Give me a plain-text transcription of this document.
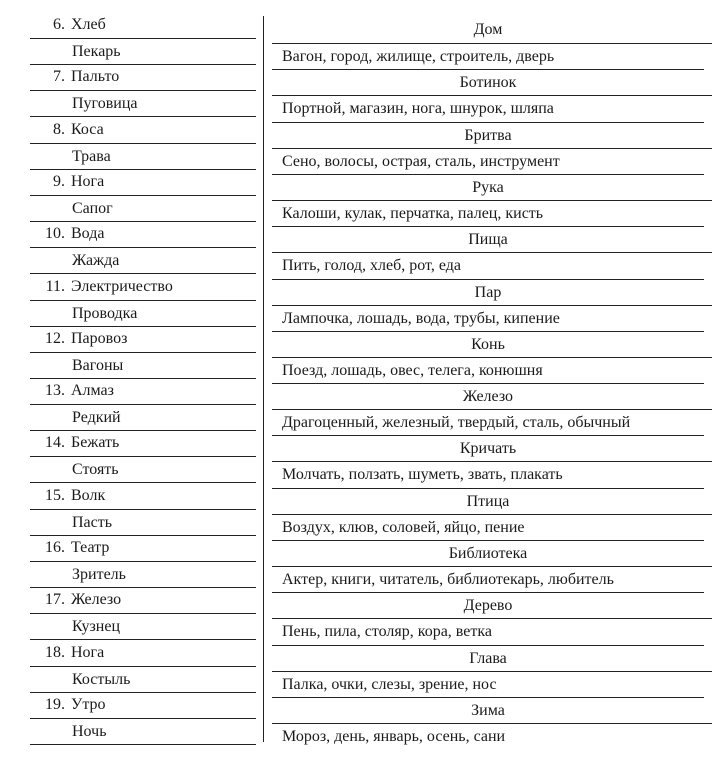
6. Хлеб
Пекарь
7. Пальто
Пуговица
8. Коса
Трава
9. Нога
Сапог
10. Вода
Жажда
11. Электричество
Проводка
12. Паровоз
Вагоны
13. Алмаз
Редкий
14. Бежать
Стоять
15. Волк
Пасть
16. Театр
Зритель
17. Железо
Кузнец
18. Нога
Костыль
19. Утро
Ночь
Дом
Вагон, город, жилище, строитель, дверь
Ботинок
Портной, магазин, нога, шнурок, шляпа
Бритва
Сено, волосы, острая, сталь, инструмент
Рука
Калоши, кулак, перчатка, палец, кисть
Пища
Пить, голод, хлеб, рот, еда
Пар
Лампочка, лошадь, вода, трубы, кипение
Конь
Поезд, лошадь, овес, телега, конюшня
Железо
Драгоценный, железный, твердый, сталь, обычный
Кричать
Молчать, ползать, шуметь, звать, плакать
Птица
Воздух, клюв, соловей, яйцо, пение
Библиотека
Актер, книги, читатель, библиотекарь, любитель
Дерево
Пень, пила, столяр, кора, ветка
Глава
Палка, очки, слезы, зрение, нос
Зима
Мороз, день, январь, осень, сани
